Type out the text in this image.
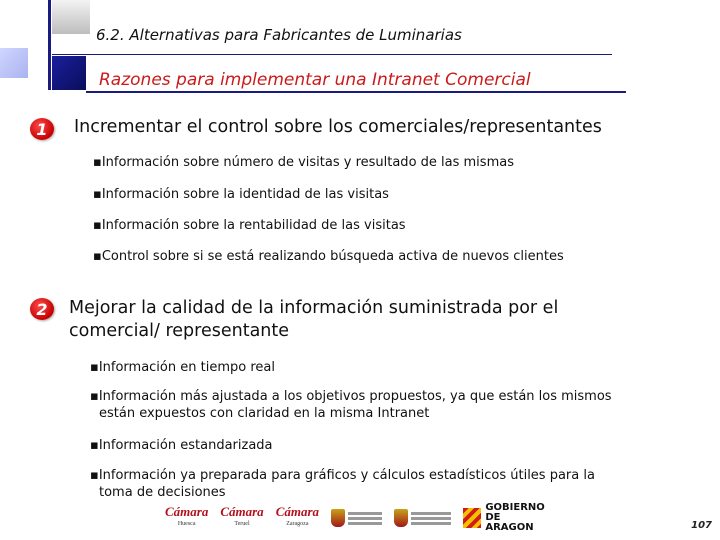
6.2. Alternativas para Fabricantes de Luminarias
Razones para implementar una Intranet Comercial
1	Incrementar el control sobre los comerciales/representantes
▪Información sobre número de visitas y resultado de las mismas
▪Información sobre la identidad de las visitas
▪Información sobre la rentabilidad de las visitas
▪Control sobre si se está realizando búsqueda activa de nuevos clientes
2	Mejorar la calidad de la información suministrada por el
comercial/ representante
▪Información en tiempo real
▪Información más ajustada a los objetivos propuestos, ya que están los mismos
están expuestos con claridad en la misma Intranet
▪Información estandarizada
▪Información ya preparada para gráficos y cálculos estadísticos útiles para la
toma de decisiones
Cámara
Huesca
Cámara
Teruel
Cámara
Zaragoza
GOBIERNO
DE ARAGON	107
